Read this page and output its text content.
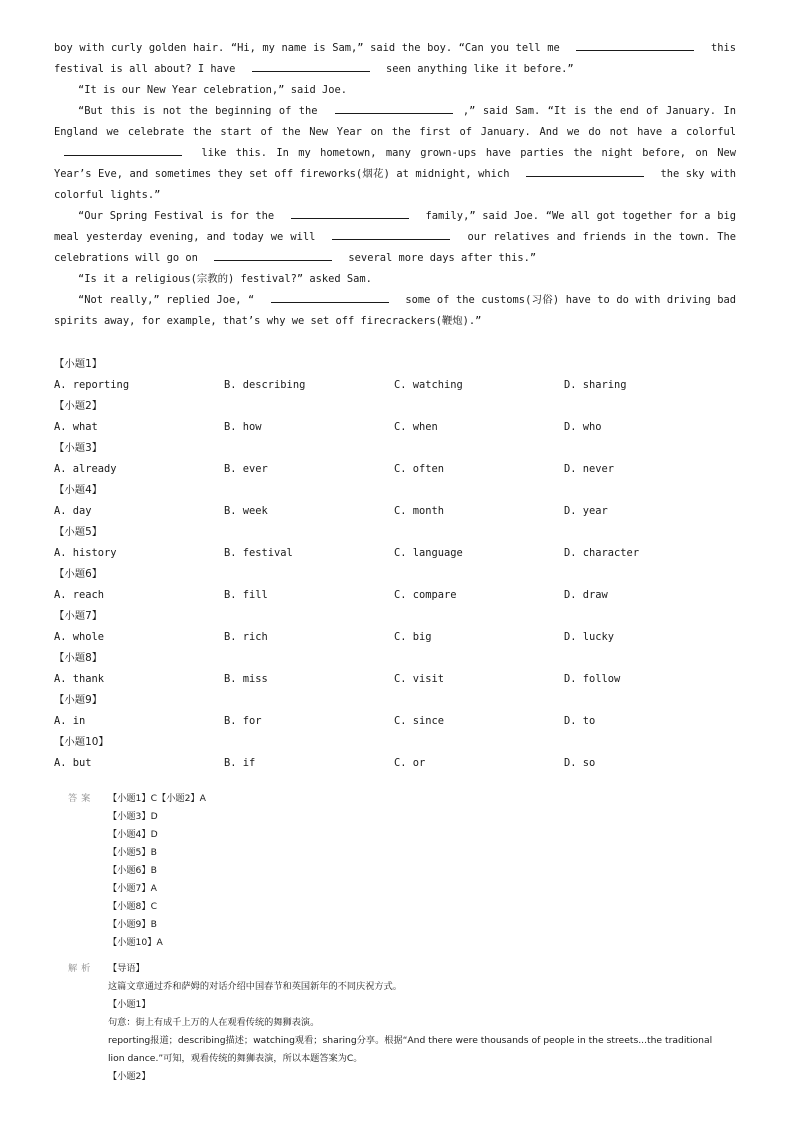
boy with curly golden hair. “Hi, my name is Sam,” said the boy. “Can you tell me	this festival is all about? I have	seen anything like it before.”

“It is our New Year celebration,” said Joe.

“But this is not the beginning of the	,” said Sam. “It is the end of January. In England we celebrate the start of the New Year on the first of January. And we do not have a colorful  like this. In my hometown, many grown-ups have parties the night before, on New Year’s Eve, and sometimes they set off fireworks(烟花) at midnight, which	the sky with colorful lights.”

“Our Spring Festival is for the	family,” said Joe. “We all got together for a big meal yesterday evening, and today we will	our relatives and friends in the town. The celebrations will go on	several more days after this.”

“Is it a religious(宗教的) festival?” asked Sam.

“Not really,” replied Joe, “	some of the customs(习俗) have to do with driving bad spirits away, for example, that’s why we set off firecrackers(鞭炮).”

【小题1】
A. reporting	B. describing	C. watching	D. sharing
【小题2】
A. what	B. how	C. when	D. who
【小题3】
A. already	B. ever	C. often	D. never
【小题4】
A. day	B. week	C. month	D. year
【小题5】
A. history	B. festival	C. language	D. character
【小题6】
A. reach	B. fill	C. compare	D. draw
【小题7】
A. whole	B. rich	C. big	D. lucky
【小题8】
A. thank	B. miss	C. visit	D. follow
【小题9】
A. in	B. for	C. since	D. to
【小题10】
A. but	B. if	C. or	D. so
答案 【小题1】C【小题2】A
【小题3】D
【小题4】D
【小题5】B
【小题6】B
【小题7】A
【小题8】C
【小题9】B
【小题10】A
解析 【导语】
这篇文章通过乔和萨姆的对话介绍中国春节和英国新年的不同庆祝方式。
【小题1】
句意：街上有成千上万的人在观看传统的舞狮表演。
reporting报道；describing描述；watching观看；sharing分享。根据“And there were thousands of people in the streets...the traditional lion dance.”可知，观看传统的舞狮表演，所以本题答案为C。
【小题2】
